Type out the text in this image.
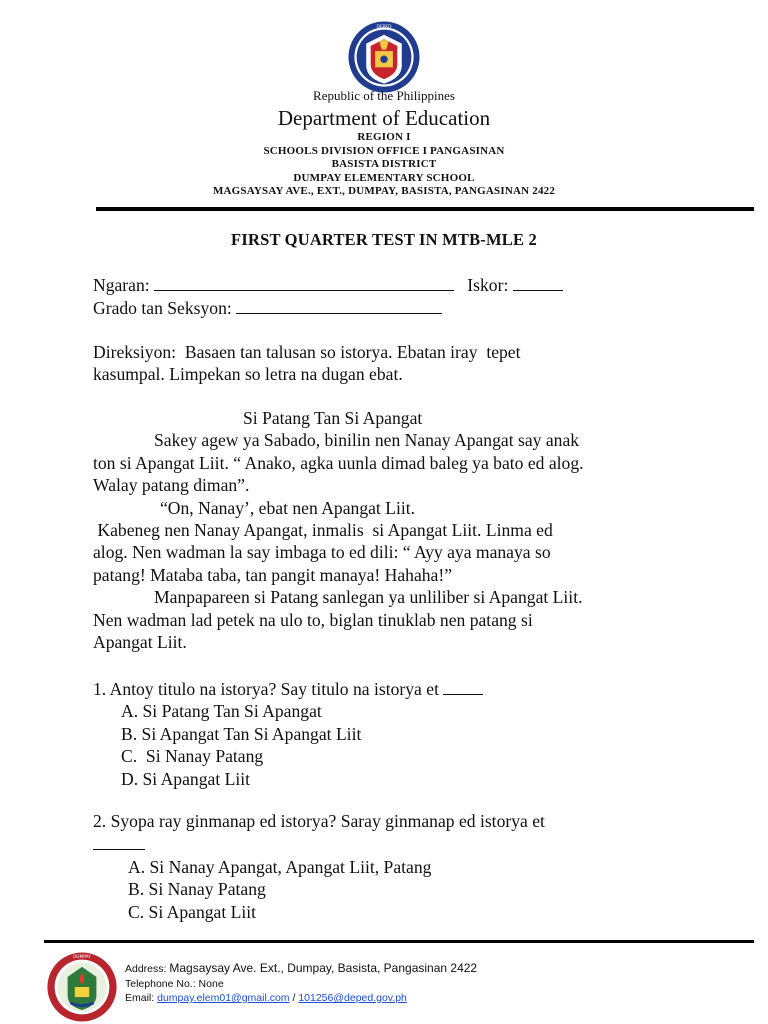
DEPED
Republic of the Philippines
Department of Education
REGION I
SCHOOLS DIVISION OFFICE I PANGASINAN
BASISTA DISTRICT
DUMPAY ELEMENTARY SCHOOL
MAGSAYSAY AVE., EXT., DUMPAY, BASISTA, PANGASINAN 2422
FIRST QUARTER TEST IN MTB-MLE 2
Ngaran:	Iskor:
Grado tan Seksyon:
Direksiyon:  Basaen tan talusan so istorya. Ebatan iray  tepet
kasumpal. Limpekan so letra na dugan ebat.
Si Patang Tan Si Apangat
Sakey agew ya Sabado, binilin nen Nanay Apangat say anak
ton si Apangat Liit. “ Anako, agka uunla dimad baleg ya bato ed alog.
Walay patang diman”.
“On, Nanay’, ebat nen Apangat Liit.
Kabeneg nen Nanay Apangat, inmalis  si Apangat Liit. Linma ed
alog. Nen wadman la say imbaga to ed dili: “ Ayy aya manaya so
patang! Mataba taba, tan pangit manaya! Hahaha!”
Manpapareen si Patang sanlegan ya unliliber si Apangat Liit.
Nen wadman lad petek na ulo to, biglan tinuklab nen patang si
Apangat Liit.
1. Antoy titulo na istorya? Say titulo na istorya et
A. Si Patang Tan Si Apangat
B. Si Apangat Tan Si Apangat Liit
C.  Si Nanay Patang
D. Si Apangat Liit
2. Syopa ray ginmanap ed istorya? Saray ginmanap ed istorya et
A. Si Nanay Apangat, Apangat Liit, Patang
B. Si Nanay Patang
C. Si Apangat Liit
DUMPAY
Address: Magsaysay Ave. Ext., Dumpay, Basista, Pangasinan 2422
Telephone No.: None
Email: dumpay.elem01@gmail.com / 101256@deped.gov.ph
